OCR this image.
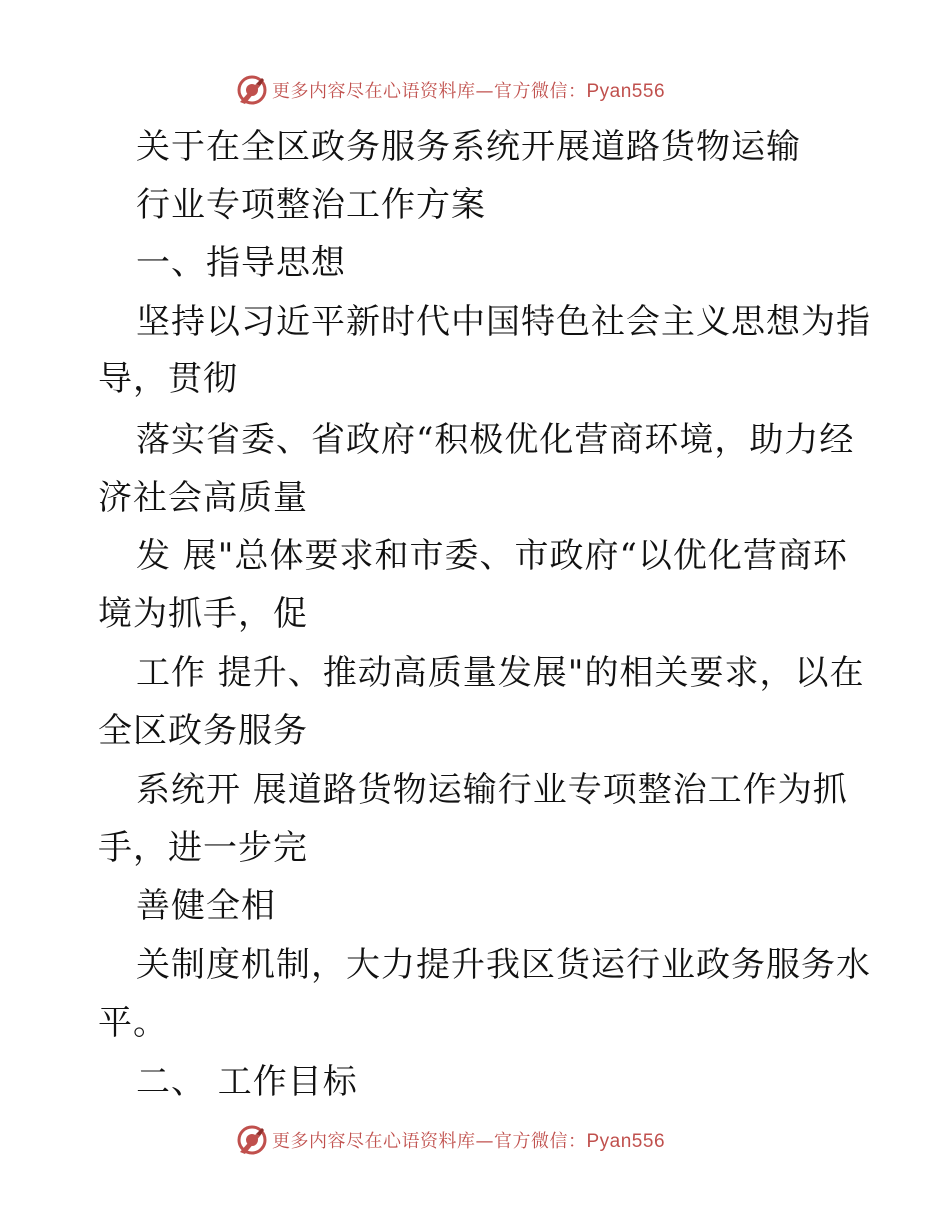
更多内容尽在心语资料库—官方微信：Pyan556
关于在全区政务服务系统开展道路货物运输
行业专项整治工作方案
一、指导思想
坚持以习近平新时代中国特色社会主义思想为指
导，贯彻
落实省委、省政府“积极优化营商环境，助力经
济社会高质量
发 展"总体要求和市委、市政府“以优化营商环
境为抓手，促
工作 提升、推动高质量发展"的相关要求，以在
全区政务服务
系统开 展道路货物运输行业专项整治工作为抓
手，进一步完
善健全相
关制度机制，大力提升我区货运行业政务服务水
平。
二、 工作目标
更多内容尽在心语资料库—官方微信：Pyan556
